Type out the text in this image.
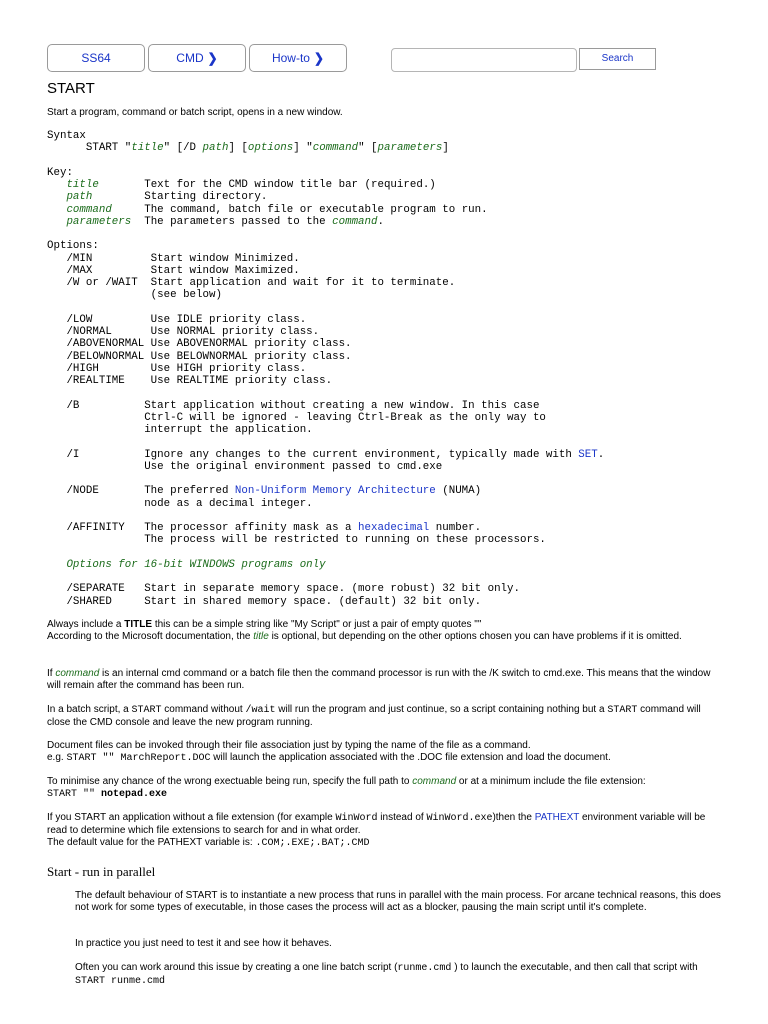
SS64	CMD ❯	How-to ❯	Search
START

Start a program, command or batch script, opens in a new window.

Syntax
START "title" [/D path] [options] "command" [parameters]

Key:
title	Text for the CMD window title bar (required.)
path	Starting directory.
command	The command, batch file or executable program to run.
parameters The parameters passed to the command.

Options:
/MIN         Start window Minimized.
/MAX         Start window Maximized.
/W or /WAIT  Start application and wait for it to terminate.
(see below)

/LOW         Use IDLE priority class.
/NORMAL      Use NORMAL priority class.
/ABOVENORMAL Use ABOVENORMAL priority class.
/BELOWNORMAL Use BELOWNORMAL priority class.
/HIGH        Use HIGH priority class.
/REALTIME    Use REALTIME priority class.

/B          Start application without creating a new window. In this case
Ctrl-C will be ignored - leaving Ctrl-Break as the only way to
interrupt the application.

/I          Ignore any changes to the current environment, typically made with SET.
Use the original environment passed to cmd.exe

/NODE       The preferred Non-Uniform Memory Architecture (NUMA)
node as a decimal integer.

/AFFINITY   The processor affinity mask as a hexadecimal number.
The process will be restricted to running on these processors.

Options for 16-bit WINDOWS programs only

/SEPARATE   Start in separate memory space. (more robust) 32 bit only.
/SHARED     Start in shared memory space. (default) 32 bit only.

Always include a TITLE this can be a simple string like "My Script" or just a pair of empty quotes ""

According to the Microsoft documentation, the title is optional, but depending on the other options chosen you can have problems if it is omitted.

If command is an internal cmd command or a batch file then the command processor is run with the /K switch to cmd.exe. This means that the window will remain after the command has been run.

In a batch script, a START command without /wait will run the program and just continue, so a script containing nothing but a START command will close the CMD console and leave the new program running.

Document files can be invoked through their file association just by typing the name of the file as a command.

e.g. START "" MarchReport.DOC will launch the application associated with the .DOC file extension and load the document.

To minimise any chance of the wrong exectuable being run, specify the full path to command or at a minimum include the file extension:

START "" notepad.exe

If you START an application without a file extension (for example WinWord instead of WinWord.exe)then the PATHEXT environment variable will be read to determine which file extensions to search for and in what order.

The default value for the PATHEXT variable is: .COM;.EXE;.BAT;.CMD

Start - run in parallel
The default behaviour of START is to instantiate a new process that runs in parallel with the main process. For arcane technical reasons, this does not work for some types of executable, in those cases the process will act as a blocker, pausing the main script until it's complete.
In practice you just need to test it and see how it behaves.
Often you can work around this issue by creating a one line batch script (runme.cmd ) to launch the executable, and then call that script with START runme.cmd
